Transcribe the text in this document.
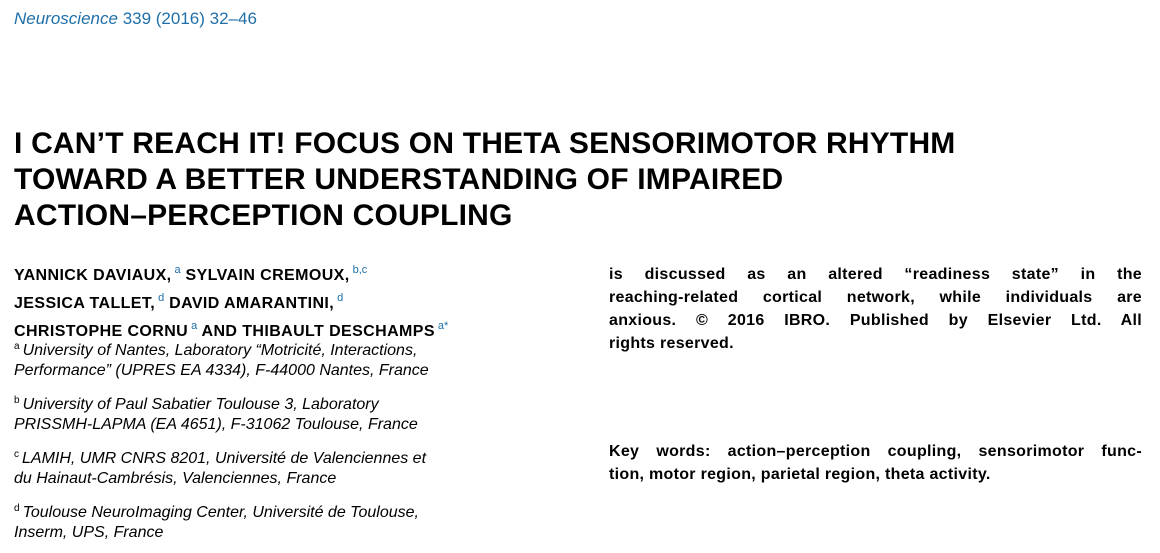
Neuroscience 339 (2016) 32–46
I CAN’T REACH IT! FOCUS ON THETA SENSORIMOTOR RHYTHM
TOWARD A BETTER UNDERSTANDING OF IMPAIRED
ACTION–PERCEPTION COUPLING
YANNICK DAVIAUX, $^a$ SYLVAIN CREMOUX, $^{b,c}$
JESSICA TALLET, $^d$ DAVID AMARANTINI, $^d$
CHRISTOPHE CORNU $^a$ AND THIBAULT DESCHAMPS $^{a*}$
$^a$ University of Nantes, Laboratory “Motricité, Interactions,
Performance” (UPRES EA 4334), F-44000 Nantes, France
$^b$ University of Paul Sabatier Toulouse 3, Laboratory
PRISSMH-LAPMA (EA 4651), F-31062 Toulouse, France
$^c$ LAMIH, UMR CNRS 8201, Université de Valenciennes et
du Hainaut-Cambrésis, Valenciennes, France
$^d$ Toulouse NeuroImaging Center, Université de Toulouse,
Inserm, UPS, France
is discussed as an altered “readiness state” in the
reaching-related cortical network, while individuals are
anxious. © 2016 IBRO. Published by Elsevier Ltd. All
rights reserved.
Key words: action–perception coupling, sensorimotor func-
tion, motor region, parietal region, theta activity.
